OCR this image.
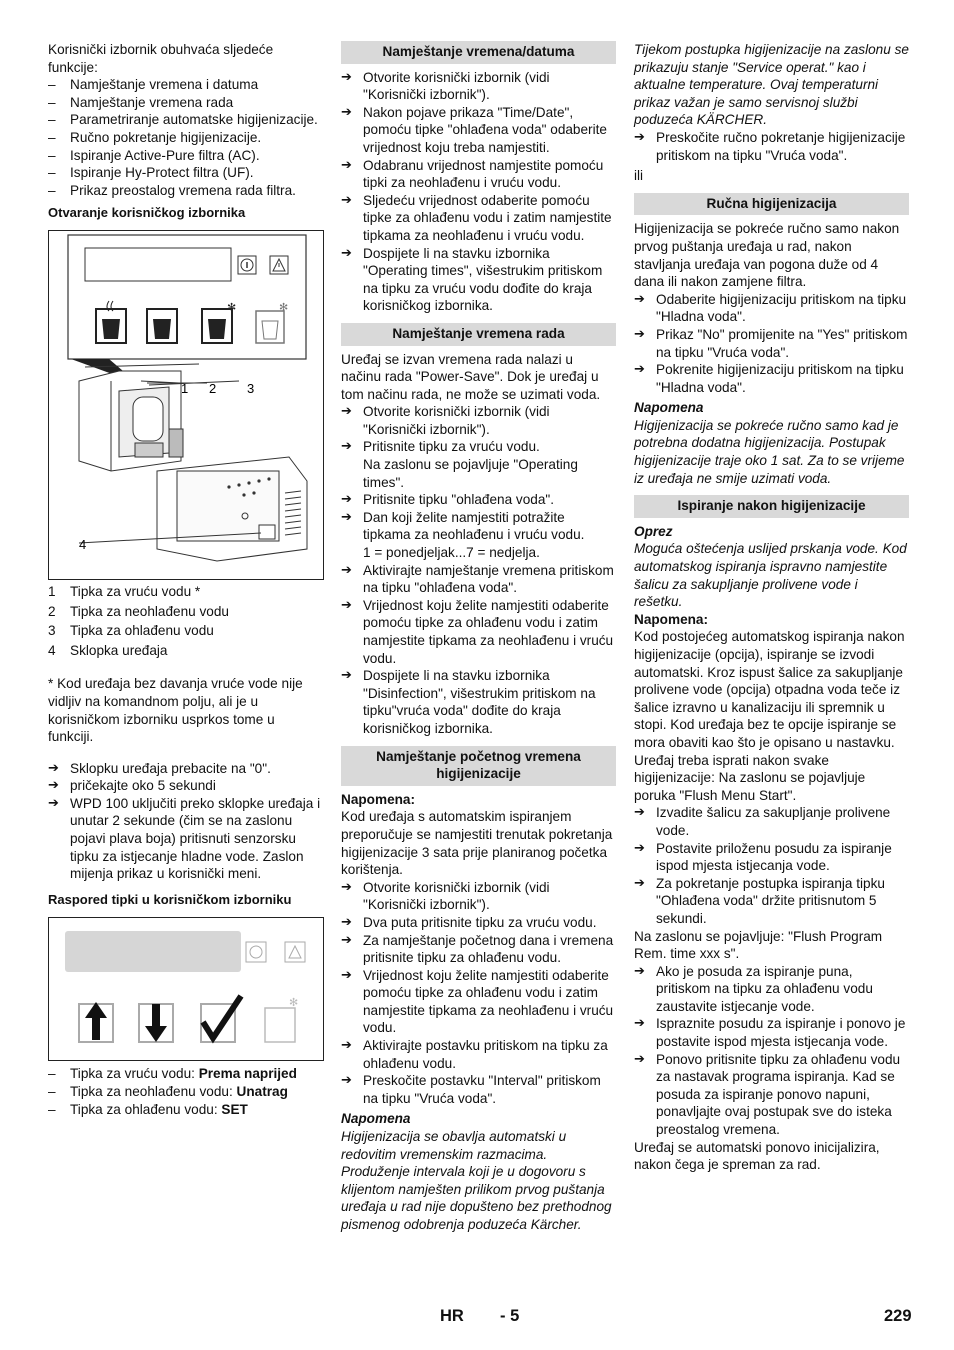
Korisnički izbornik obuhvaća sljedeće funkcije:

– Namještanje vremena i datuma

– Namještanje vremena rada

– Parametriranje automatske higijenizacije.

– Ručno pokretanje higijenizacije.

– Ispiranje Active-Pure filtra (AC).

– Ispiranje Hy-Protect filtra (UF).

– Prikaz preostalog vremena rada filtra.

Otvaranje korisničkog izbornika

✻	✻
1 2 3
4

1 Tipka za vruću vodu *

2 Tipka za neohlađenu vodu

3 Tipka za ohlađenu vodu

4 Sklopka uređaja

* Kod uređaja bez davanja vruće vode nije vidljiv na komandnom polju, ali je u korisničkom izborniku usprkos tome u funkciji.

➔ Sklopku uređaja prebacite na "0".

➔ pričekajte oko 5 sekundi

➔ WPD 100 uključiti preko sklopke uređaja i unutar 2 sekunde (čim se na zaslonu pojavi plava boja) pritisnuti senzorsku tipku za istjecanje hladne vode. Zaslon mijenja prikaz u korisnički meni.

Raspored tipki u korisničkom izborniku

✻

– Tipka za vruću vodu: Prema naprijed

– Tipka za neohlađenu vodu: Unatrag

– Tipka za ohlađenu vodu: SET

Namještanje vremena/datuma

➔ Otvorite korisnički izbornik (vidi "Korisnički izbornik").

➔ Nakon pojave prikaza "Time/Date", pomoću tipke "ohlađena voda" odaberite vrijednost koju treba namjestiti.

➔ Odabranu vrijednost namjestite pomoću tipki za neohlađenu i vruću vodu.

➔ Sljedeću vrijednost odaberite pomoću tipke za ohlađenu vodu i zatim namjestite tipkama za neohlađenu i vruću vodu.

➔ Dospijete li na stavku izbornika "Operating times", višestrukim pritiskom na tipku za vruću vodu dođite do kraja korisničkog izbornika.

Namještanje vremena rada

Uređaj se izvan vremena rada nalazi u načinu rada "Power-Save". Dok je uređaj u tom načinu rada, ne može se uzimati voda.

➔ Otvorite korisnički izbornik (vidi "Korisnički izbornik").

➔ Pritisnite tipku za vruću vodu.

Na zaslonu se pojavljuje "Operating times".

➔ Pritisnite tipku "ohlađena voda".

➔ Dan koji želite namjestiti potražite tipkama za neohlađenu i vruću vodu.

1 = ponedjeljak...7 = nedjelja.

➔ Aktivirajte namještanje vremena pritiskom na tipku "ohlađena voda".

➔ Vrijednost koju želite namjestiti odaberite pomoću tipke za ohlađenu vodu i zatim namjestite tipkama za neohlađenu i vruću vodu.

➔ Dospijete li na stavku izbornika "Disinfection", višestrukim pritiskom na tipku"vruća voda" dođite do kraja korisničkog izbornika.

Namještanje početnog vremena higijenizacije

Napomena:

Kod uređaja s automatskim ispiranjem preporučuje se namjestiti trenutak pokretanja higijenizacije 3 sata prije planiranog početka korištenja.

➔ Otvorite korisnički izbornik (vidi "Korisnički izbornik").

➔ Dva puta pritisnite tipku za vruću vodu.

➔ Za namještanje početnog dana i vremena pritisnite tipku za ohlađenu vodu.

➔ Vrijednost koju želite namjestiti odaberite pomoću tipke za ohlađenu vodu i zatim namjestite tipkama za neohlađenu i vruću vodu.

➔ Aktivirajte postavku pritiskom na tipku za ohlađenu vodu.

➔ Preskočite postavku "Interval" pritiskom na tipku "Vruća voda".

Napomena

Higijenizacija se obavlja automatski u redovitim vremenskim razmacima. Produženje intervala koji je u dogovoru s klijentom namješten prilikom prvog puštanja uređaja u rad nije dopušteno bez prethodnog pismenog odobrenja poduzeća Kärcher.

Tijekom postupka higijenizacije na zaslonu se prikazuju stanje "Service operat." kao i aktualne temperature. Ovaj temperaturni prikaz važan je samo servisnoj službi poduzeća KÄRCHER.

➔ Preskočite ručno pokretanje higijenizacije pritiskom na tipku "Vruća voda".

ili

Ručna higijenizacija

Higijenizacija se pokreće ručno samo nakon prvog puštanja uređaja u rad, nakon stavljanja uređaja van pogona duže od 4 dana ili nakon zamjene filtra.

➔ Odaberite higijenizaciju pritiskom na tipku "Hladna voda".

➔ Prikaz "No" promijenite na "Yes" pritiskom na tipku "Vruća voda".

➔ Pokrenite higijenizaciju pritiskom na tipku "Hladna voda".

Napomena

Higijenizacija se pokreće ručno samo kad je potrebna dodatna higijenizacija. Postupak higijenizacije traje oko 1 sat. Za to se vrijeme iz uređaja ne smije uzimati voda.

Ispiranje nakon higijenizacije

Oprez

Moguća oštećenja uslijed prskanja vode. Kod automatskog ispiranja ispravno namjestite šalicu za sakupljanje prolivene vode i rešetku.

Napomena:

Kod postojećeg automatskog ispiranja nakon higijenizacije (opcija), ispiranje se izvodi automatski. Kroz ispust šalice za sakupljanje prolivene vode (opcija) otpadna voda teče iz šalice izravno u kanalizaciju ili spremnik u stopi. Kod uređaja bez te opcije ispiranje se mora obaviti kao što je opisano u nastavku.

Uređaj treba isprati nakon svake higijenizacije: Na zaslonu se pojavljuje poruka "Flush Menu Start".

➔ Izvadite šalicu za sakupljanje prolivene vode.

➔ Postavite priloženu posudu za ispiranje ispod mjesta istjecanja vode.

➔ Za pokretanje postupka ispiranja tipku "Ohlađena voda" držite pritisnutom 5 sekundi.

Na zaslonu se pojavljuje: "Flush Program Rem. time xxx s".

➔ Ako je posuda za ispiranje puna, pritiskom na tipku za ohlađenu vodu zaustavite istjecanje vode.

➔ Ispraznite posudu za ispiranje i ponovo je postavite ispod mjesta istjecanja vode.

➔ Ponovo pritisnite tipku za ohlađenu vodu za nastavak programa ispiranja. Kad se posuda za ispiranje ponovo napuni, ponavljajte ovaj postupak sve do isteka preostalog vremena.

Uređaj se automatski ponovo inicijalizira, nakon čega je spreman za rad.

HR - 5	229
